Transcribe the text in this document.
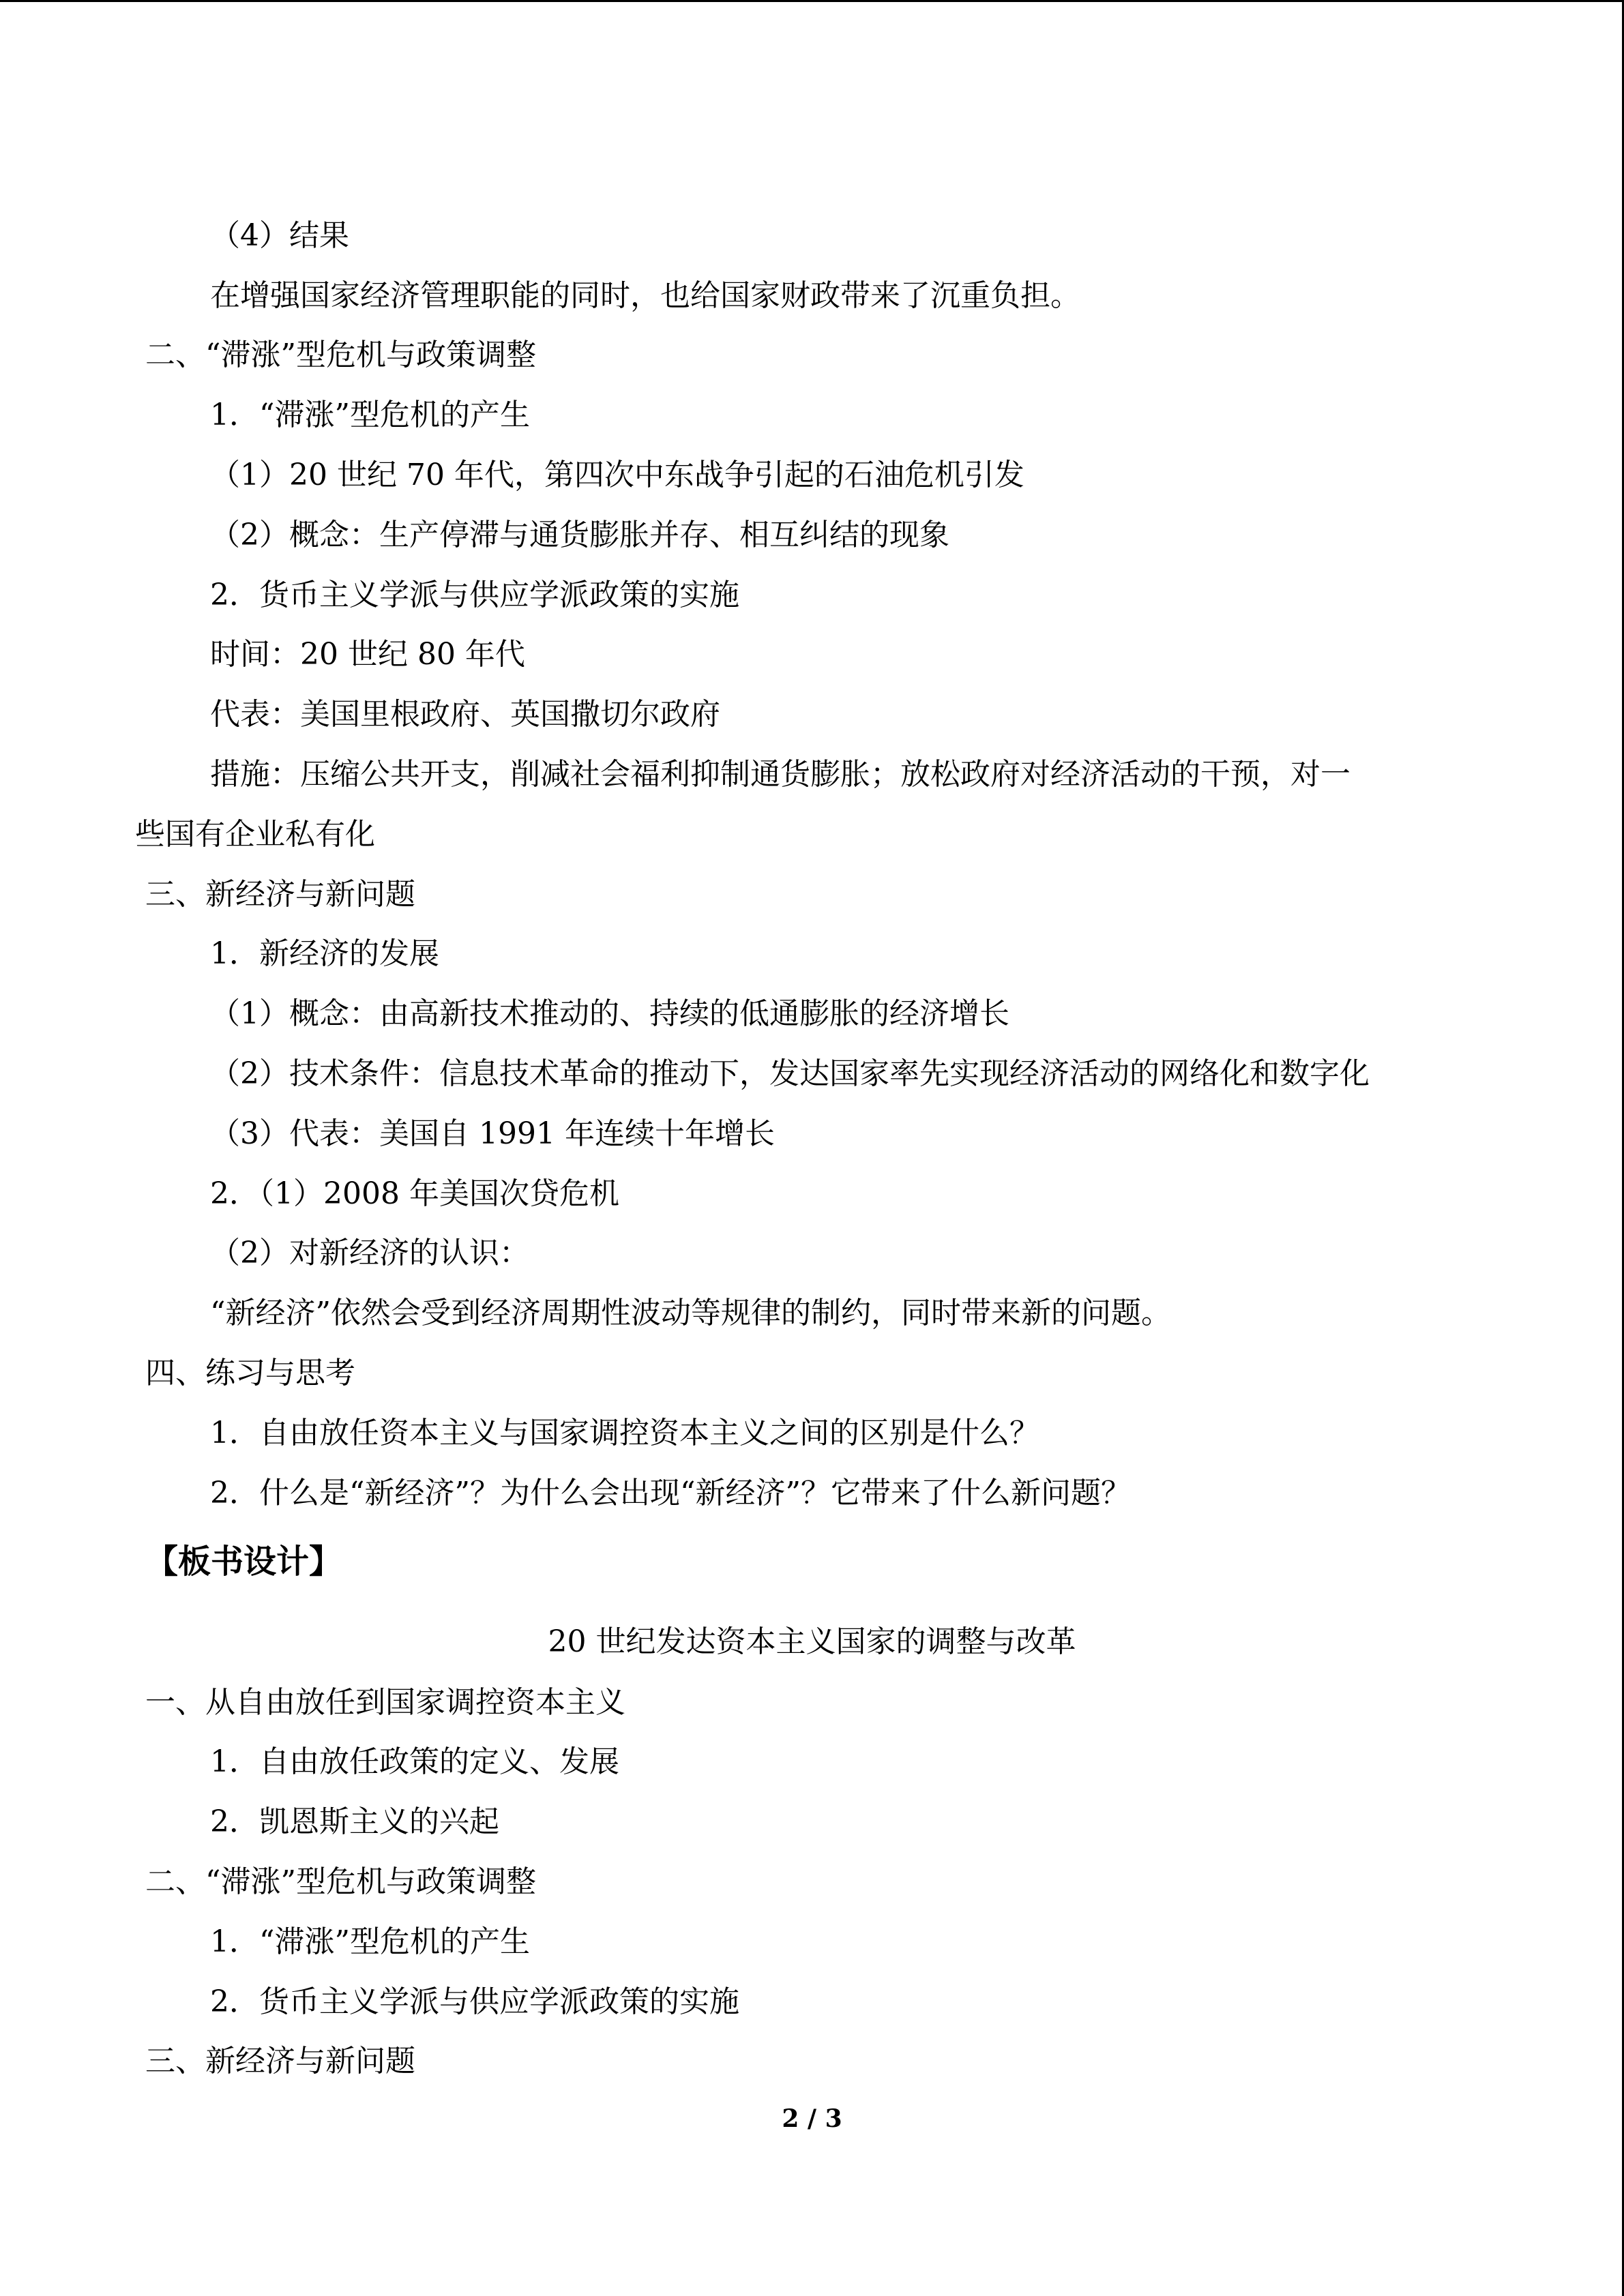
（4）结果
在增强国家经济管理职能的同时，也给国家财政带来了沉重负担。
二、“滞涨”型危机与政策调整
1．“滞涨”型危机的产生
（1）20 世纪 70 年代，第四次中东战争引起的石油危机引发
（2）概念：生产停滞与通货膨胀并存、相互纠结的现象
2．货币主义学派与供应学派政策的实施
时间：20 世纪 80 年代
代表：美国里根政府、英国撒切尔政府
措施：压缩公共开支，削减社会福利抑制通货膨胀；放松政府对经济活动的干预，对一
些国有企业私有化
三、新经济与新问题
1．新经济的发展
（1）概念：由高新技术推动的、持续的低通膨胀的经济增长
（2）技术条件：信息技术革命的推动下，发达国家率先实现经济活动的网络化和数字化
（3）代表：美国自 1991 年连续十年增长
2．（1）2008 年美国次贷危机
（2）对新经济的认识：
“新经济”依然会受到经济周期性波动等规律的制约，同时带来新的问题。
四、练习与思考
1．自由放任资本主义与国家调控资本主义之间的区别是什么？
2．什么是“新经济”？为什么会出现“新经济”？它带来了什么新问题？
【板书设计】
20 世纪发达资本主义国家的调整与改革
一、从自由放任到国家调控资本主义
1．自由放任政策的定义、发展
2．凯恩斯主义的兴起
二、“滞涨”型危机与政策调整
1．“滞涨”型危机的产生
2．货币主义学派与供应学派政策的实施
三、新经济与新问题
2 / 3
